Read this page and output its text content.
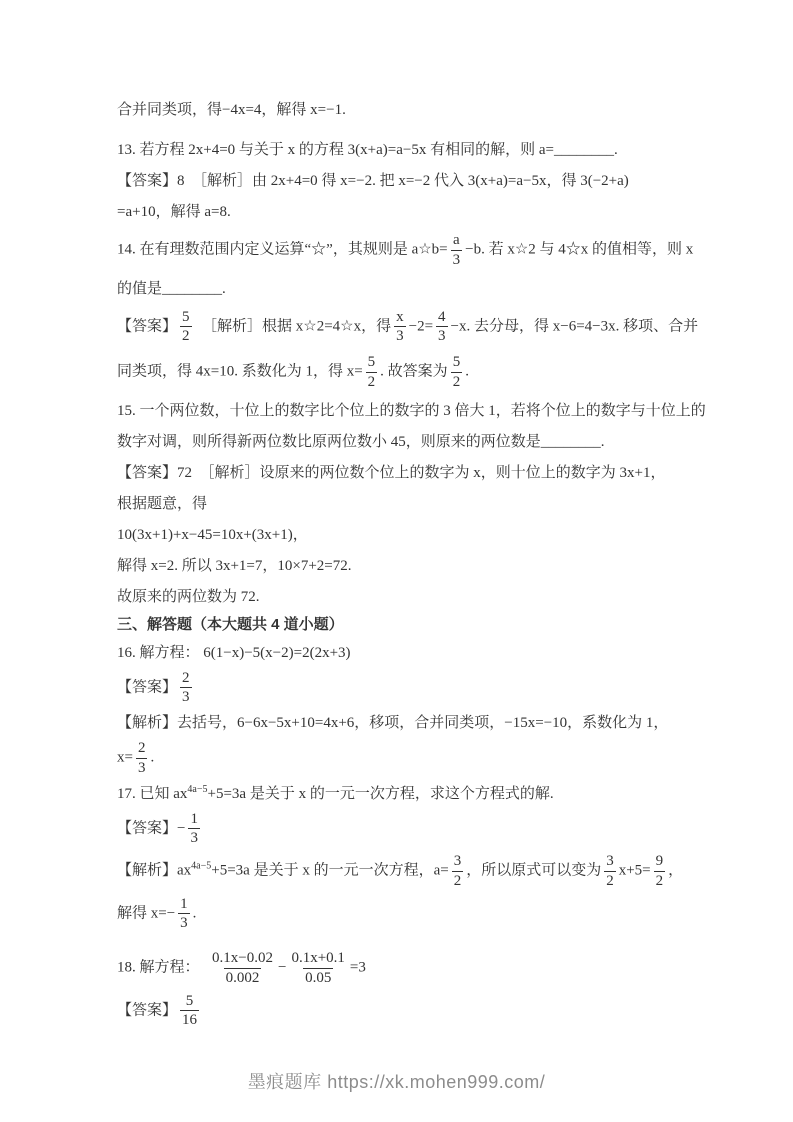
合并同类项，得−4x=4，解得 x=−1.
13. 若方程 2x+4=0 与关于 x 的方程 3(x+a)=a−5x 有相同的解，则 a=________.
【答案】8　［解析］由 2x+4=0 得 x=−2. 把 x=−2 代入 3(x+a)=a−5x，得 3(−2+a)
=a+10，解得 a=8.
14. 在有理数范围内定义运算“☆”，其规则是 a☆b= $\frac{a}{3} -b$. 若 x☆2 与 4☆x 的值相等，则 x
的值是________.
【答案】 $\frac{5}{2}$ 　［解析］根据 x☆2=4☆x，得 $\frac{x}{3} -2= \frac{4}{3} -x$. 去分母，得 x−6=4−3x. 移项、合并
同类项，得 4x=10. 系数化为 1，得 $x= \frac{5}{2}$ . 故答案为 $\frac{5}{2}$ .
15. 一个两位数，十位上的数字比个位上的数字的 3 倍大 1，若将个位上的数字与十位上的
数字对调，则所得新两位数比原两位数小 45，则原来的两位数是________.
【答案】72　［解析］设原来的两位数个位上的数字为 x，则十位上的数字为 3x+1，
根据题意，得
10(3x+1)+x−45=10x+(3x+1)，
解得 x=2. 所以 3x+1=7，10×7+2=72.
故原来的两位数为 72.
三、解答题（本大题共 4 道小题）
16. 解方程： 6(1−x)−5(x−2)=2(2x+3)
【答案】 $\frac{2}{3}$
【解析】去括号，6−6x−5x+10=4x+6，移项，合并同类项，−15x=−10，系数化为 1，
$x= \frac{2}{3}$ .
17. 已知 $ax^{4a-5}+5=3a$ 是关于 x 的一元一次方程，求这个方程式的解.
【答案】− $\frac{1}{3}$
【解析】$ax^{4a-5}+5=3a$ 是关于 x 的一元一次方程，$a= \frac{3}{2}$ ，所以原式可以变为 $\frac{3}{2} x+5= \frac{9}{2}$ ，
解得 $x=- \frac{1}{3}$ .
18. 解方程： $\frac{0.1x-0.02}{0.002} - \frac{0.1x+0.1}{0.05} =3$
【答案】 $\frac{5}{16}$
墨痕题库 https://xk.mohen999.com/
